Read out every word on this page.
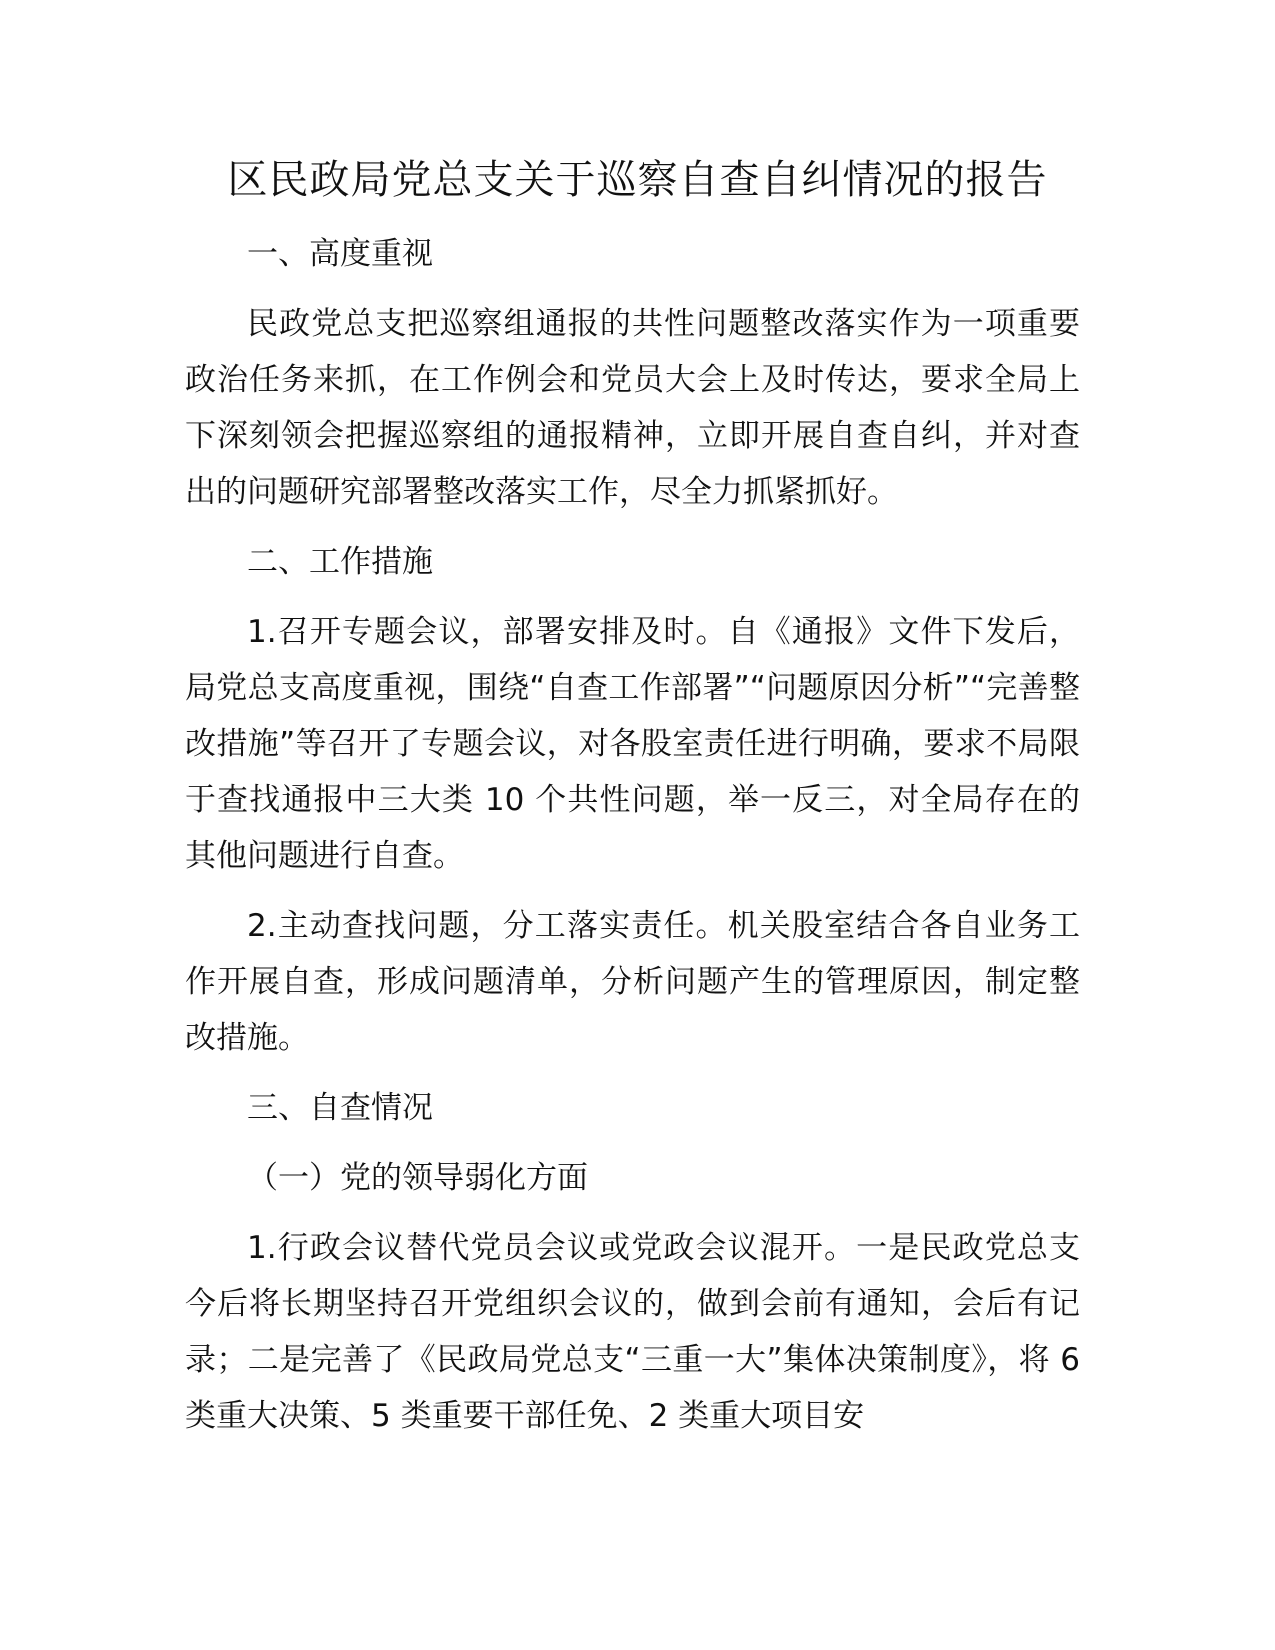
区民政局党总支关于巡察自查自纠情况的报告

一、高度重视

民政党总支把巡察组通报的共性问题整改落实作为一项重要政治任务来抓，在工作例会和党员大会上及时传达，要求全局上下深刻领会把握巡察组的通报精神，立即开展自查自纠，并对查出的问题研究部署整改落实工作，尽全力抓紧抓好。

二、工作措施

1.召开专题会议，部署安排及时。自《通报》文件下发后，局党总支高度重视，围绕“自查工作部署”“问题原因分析”“完善整改措施”等召开了专题会议，对各股室责任进行明确，要求不局限于查找通报中三大类 10 个共性问题，举一反三，对全局存在的其他问题进行自查。

2.主动查找问题，分工落实责任。机关股室结合各自业务工作开展自查，形成问题清单，分析问题产生的管理原因，制定整改措施。

三、自查情况

（一）党的领导弱化方面

1.行政会议替代党员会议或党政会议混开。一是民政党总支今后将长期坚持召开党组织会议的，做到会前有通知，会后有记录；二是完善了《民政局党总支“三重一大”集体决策制度》，将 6 类重大决策、5 类重要干部任免、2 类重大项目安
